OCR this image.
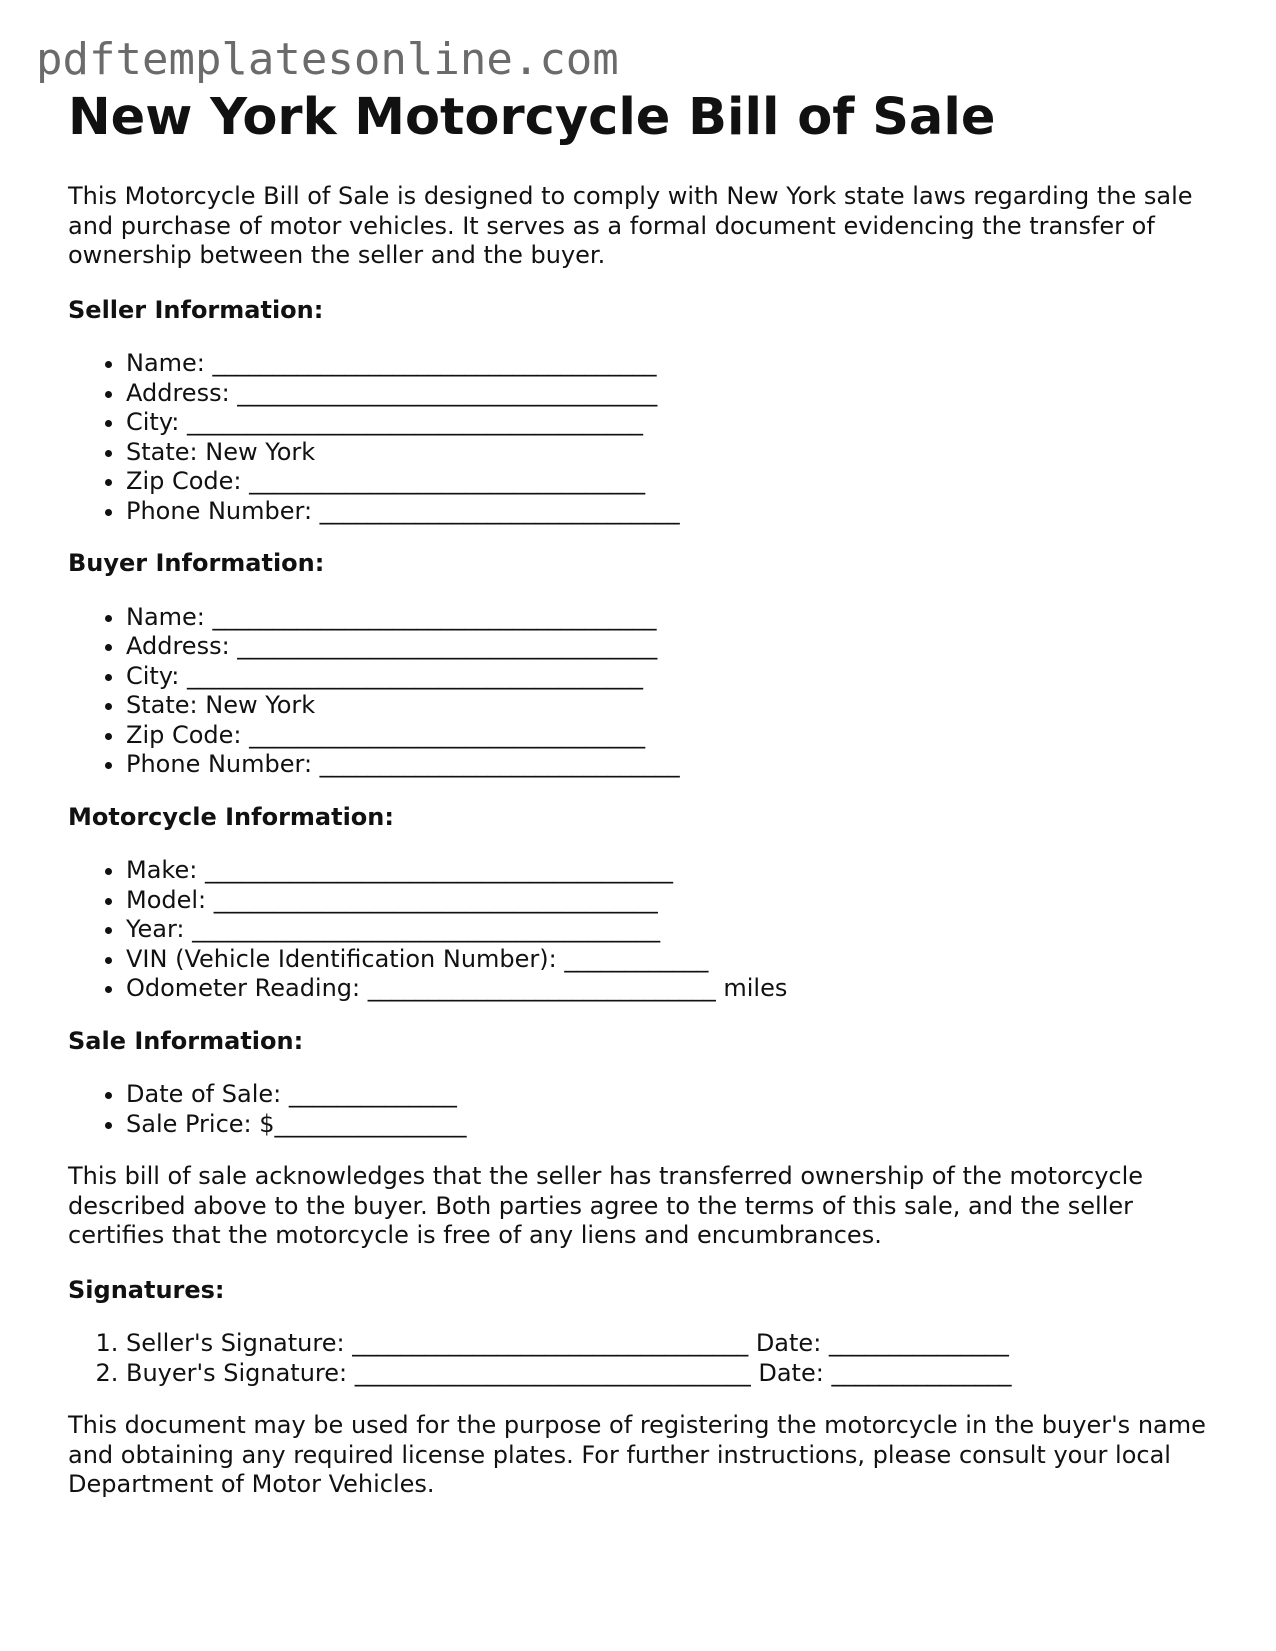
pdftemplatesonline.com
New York Motorcycle Bill of Sale

This Motorcycle Bill of Sale is designed to comply with New York state laws regarding the sale and purchase of motor vehicles. It serves as a formal document evidencing the transfer of ownership between the seller and the buyer.

Seller Information:
• Name: _____________________________________
• Address: ___________________________________
• City: ______________________________________
• State: New York
• Zip Code: _________________________________
• Phone Number: ______________________________
Buyer Information:
• Name: _____________________________________
• Address: ___________________________________
• City: ______________________________________
• State: New York
• Zip Code: _________________________________
• Phone Number: ______________________________
Motorcycle Information:
• Make: _______________________________________
• Model: _____________________________________
• Year: _______________________________________
• VIN (Vehicle Identification Number): ____________
• Odometer Reading: _____________________________ miles
Sale Information:
• Date of Sale: ______________
• Sale Price: $________________

This bill of sale acknowledges that the seller has transferred ownership of the motorcycle described above to the buyer. Both parties agree to the terms of this sale, and the seller certifies that the motorcycle is free of any liens and encumbrances.

Signatures:
1. Seller's Signature: _________________________________ Date: _______________
2. Buyer's Signature: _________________________________ Date: _______________

This document may be used for the purpose of registering the motorcycle in the buyer's name and obtaining any required license plates. For further instructions, please consult your local Department of Motor Vehicles.
